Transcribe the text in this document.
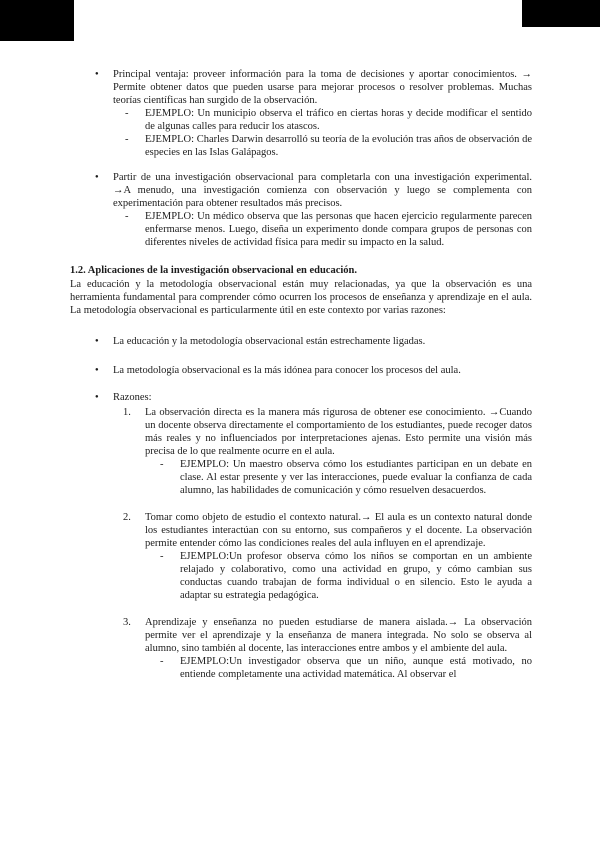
●	Principal ventaja: proveer información para la toma de decisiones y aportar conocimientos. → Permite obtener datos que pueden usarse para mejorar procesos o resolver problemas. Muchas teorías científicas han surgido de la observación.
-	EJEMPLO: Un municipio observa el tráfico en ciertas horas y decide modificar el sentido de algunas calles para reducir los atascos.
-	EJEMPLO: Charles Darwin desarrolló su teoría de la evolución tras años de observación de especies en las Islas Galápagos.
●	Partir de una investigación observacional para completarla con una investigación experimental. →A menudo, una investigación comienza con observación y luego se complementa con experimentación para obtener resultados más precisos.
-	EJEMPLO: Un médico observa que las personas que hacen ejercicio regularmente parecen enfermarse menos. Luego, diseña un experimento donde compara grupos de personas con diferentes niveles de actividad física para medir su impacto en la salud.
1.2. Aplicaciones de la investigación observacional en educación.
La educación y la metodología observacional están muy relacionadas, ya que la observación es una herramienta fundamental para comprender cómo ocurren los procesos de enseñanza y aprendizaje en el aula. La metodología observacional es particularmente útil en este contexto por varias razones:
●	La educación y la metodología observacional están estrechamente ligadas.
●	La metodología observacional es la más idónea para conocer los procesos del aula.
●	Razones:
1.	La observación directa es la manera más rigurosa de obtener ese conocimiento. →Cuando un docente observa directamente el comportamiento de los estudiantes, puede recoger datos más reales y no influenciados por interpretaciones ajenas. Esto permite una visión más precisa de lo que realmente ocurre en el aula.
-	EJEMPLO: Un maestro observa cómo los estudiantes participan en un debate en clase. Al estar presente y ver las interacciones, puede evaluar la confianza de cada alumno, las habilidades de comunicación y cómo resuelven desacuerdos.
2.	Tomar como objeto de estudio el contexto natural.→ El aula es un contexto natural donde los estudiantes interactúan con su entorno, sus compañeros y el docente. La observación permite entender cómo las condiciones reales del aula influyen en el aprendizaje.
-	EJEMPLO:Un profesor observa cómo los niños se comportan en un ambiente relajado y colaborativo, como una actividad en grupo, y cómo cambian sus conductas cuando trabajan de forma individual o en silencio. Esto le ayuda a adaptar su estrategia pedagógica.
3.	Aprendizaje y enseñanza no pueden estudiarse de manera aislada.→ La observación permite ver el aprendizaje y la enseñanza de manera integrada. No solo se observa al alumno, sino también al docente, las interacciones entre ambos y el ambiente del aula.
-	EJEMPLO:Un investigador observa que un niño, aunque está motivado, no entiende completamente una actividad matemática. Al observar el
